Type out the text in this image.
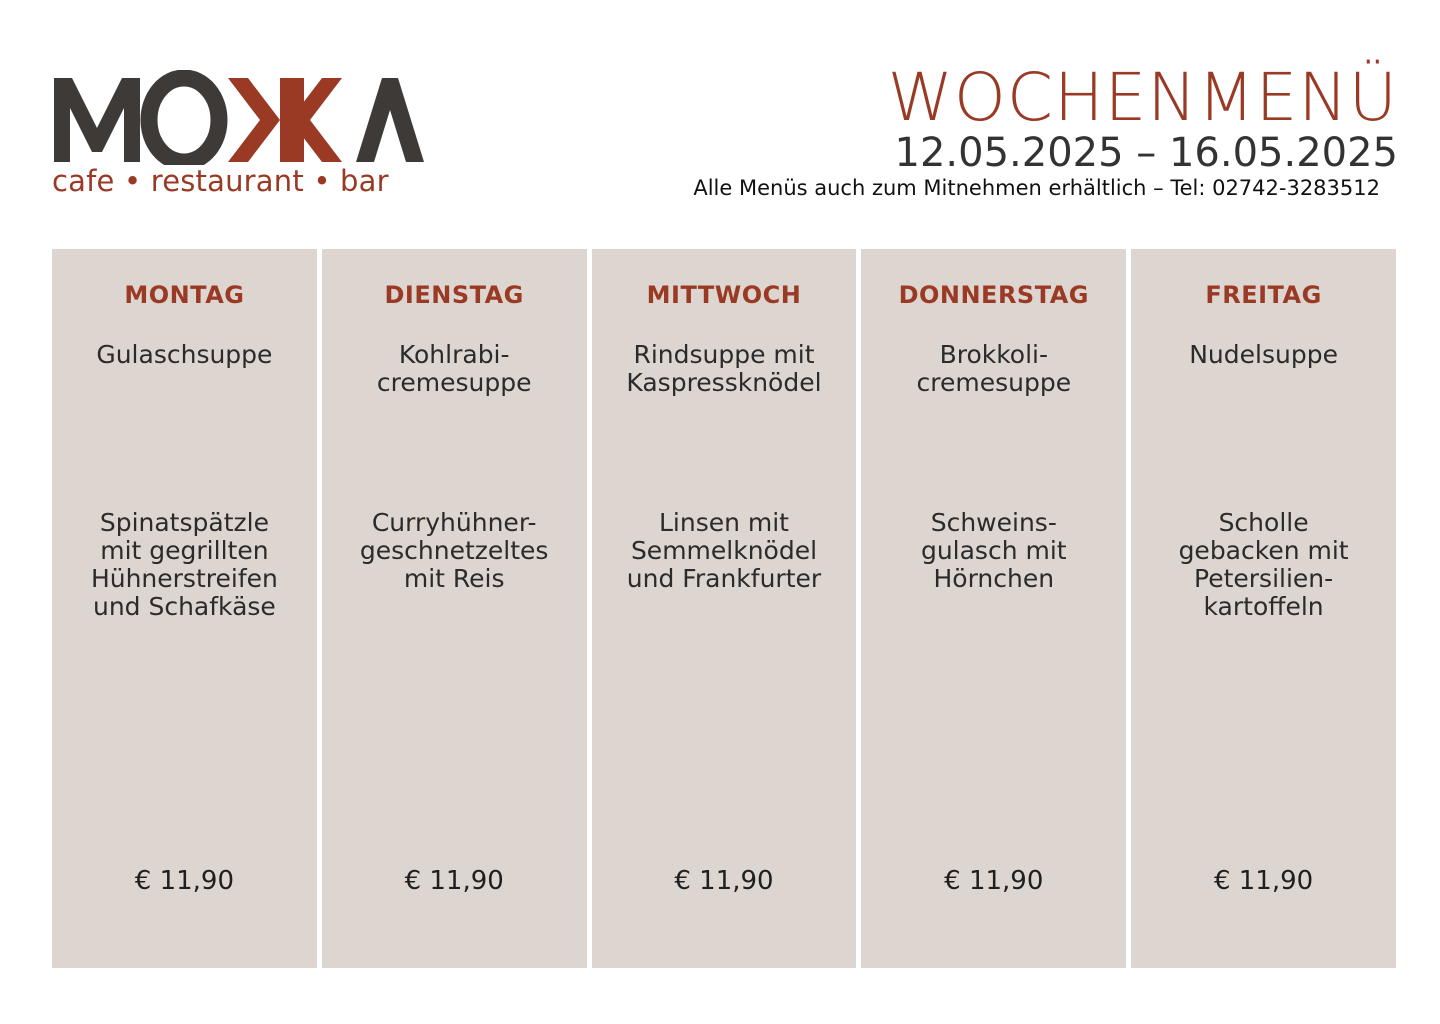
cafe • restaurant • bar
WOCHENMENÜ
12.05.2025 – 16.05.2025
Alle Menüs auch zum Mitnehmen erhältlich – Tel: 02742-3283512
MONTAG
Gulaschsuppe
Spinatspätzle
mit gegrillten
Hühnerstreifen
und Schafkäse
€ 11,90
DIENSTAG
Kohlrabi-
cremesuppe
Curryhühner-
geschnetzeltes
mit Reis
€ 11,90
MITTWOCH
Rindsuppe mit
Kaspressknödel
Linsen mit
Semmelknödel
und Frankfurter
€ 11,90
DONNERSTAG
Brokkoli-
cremesuppe
Schweins-
gulasch mit
Hörnchen
€ 11,90
FREITAG
Nudelsuppe
Scholle
gebacken mit
Petersilien-
kartoffeln
€ 11,90
